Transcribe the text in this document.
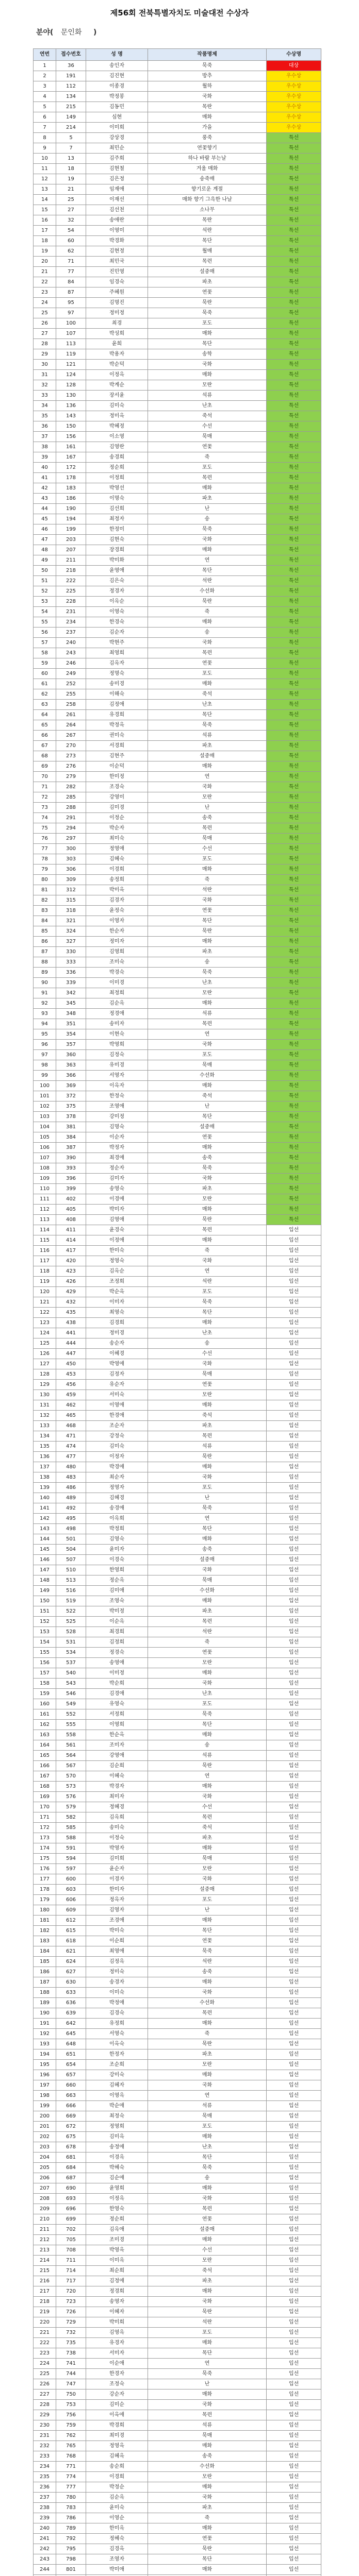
제56회 전북특별자치도 미술대전 수상자
분야( 문인화 )
연번	접수번호	성 명	작품명제	수상명
1	36	송인자	묵죽	대상
2	191	김진현	방추	우수상
3	112	이종경	월하	우수상
4	134	박정봉	국화	우수상
5	215	김동민	목란	우수상
6	149	심현	매화	우수상
7	214	이미희	가을	우수상
8	5	강상경	풍죽	특선
9	7	최민순	연꽃향기	특선
10	13	김주희	하나 바람 부는날	특선
11	18	김현철	겨울 매화	특선
12	19	김은정	송죽매	특선
13	21	임재애	향기로운 계절	특선
14	25	이재선	매화 향기 그윽한 나날	특선
15	27	김선천	소나무	특선
16	32	송애란	목란	특선
17	54	이영미	석란	특선
18	60	박경화	목단	특선
19	62	김현정	월매	특선
20	71	최민국	목련	특선
21	77	진민영	설중매	특선
22	84	임경숙	파초	특선
23	87	주혜원	연꽃	특선
24	95	김명진	묵란	특선
25	97	정미정	묵죽	특선
26	100	최경	포도	특선
27	107	박성희	매화	특선
28	113	윤희	목단	특선
29	119	박용자	송학	특선
30	121	박순덕	국화	특선
31	124	이정옥	매화	특선
32	128	박계순	모란	특선
33	130	장서윤	석류	특선
34	136	김미숙	난초	특선
35	143	정미옥	죽석	특선
36	150	박혜정	수선	특선
37	156	이소영	묵매	특선
38	161	김영란	연꽃	특선
39	167	송경희	죽	특선
40	172	정순희	포도	특선
41	178	이정희	목련	특선
42	183	박영선	매화	특선
43	186	이명숙	파초	특선
44	190	김선희	난	특선
45	194	최정자	송	특선
46	199	한정미	묵죽	특선
47	203	김현숙	국화	특선
48	207	장경희	매화	특선
49	211	박미화	연	특선
50	218	윤영애	목단	특선
51	222	김은숙	석란	특선
52	225	정경자	수선화	특선
53	228	이옥순	묵란	특선
54	231	이영숙	죽	특선
55	234	한경숙	매화	특선
56	237	김순자	송	특선
57	240	박현주	국화	특선
58	243	최영희	목련	특선
59	246	김옥자	연꽃	특선
60	249	정명숙	포도	특선
61	252	송미경	매화	특선
62	255	이해숙	죽석	특선
63	258	김정애	난초	특선
64	261	유경희	목단	특선
65	264	박정옥	묵죽	특선
66	267	권미숙	석류	특선
67	270	서경희	파초	특선
68	273	김현주	설중매	특선
69	276	이순덕	매화	특선
70	279	한미정	연	특선
71	282	조경숙	국화	특선
72	285	강영미	모란	특선
73	288	김미경	난	특선
74	291	이정순	송죽	특선
75	294	박순자	목련	특선
76	297	최미숙	묵매	특선
77	300	정영애	수선	특선
78	303	김혜숙	포도	특선
79	306	이경희	매화	특선
80	309	송정희	죽	특선
81	312	박미옥	석란	특선
82	315	김경자	국화	특선
83	318	윤정숙	연꽃	특선
84	321	이영자	목단	특선
85	324	한순자	묵란	특선
86	327	정미자	매화	특선
87	330	김영희	파초	특선
88	333	조미숙	송	특선
89	336	박경숙	묵죽	특선
90	339	이미경	난초	특선
91	342	최정희	모란	특선
92	345	김순옥	매화	특선
93	348	정경애	석류	특선
94	351	송미자	목련	특선
95	354	이현숙	연	특선
96	357	박영희	국화	특선
97	360	김정숙	포도	특선
98	363	유미경	묵매	특선
99	366	서영자	수선화	특선
100	369	이옥자	매화	특선
101	372	한정숙	죽석	특선
102	375	조영애	난	특선
103	378	강미정	목단	특선
104	381	김명숙	설중매	특선
105	384	이순자	연꽃	특선
106	387	박정자	매화	특선
107	390	최경애	송죽	특선
108	393	정순자	묵죽	특선
109	396	김미자	국화	특선
110	399	송영숙	파초	특선
111	402	이경애	모란	특선
112	405	박미자	매화	특선
113	408	김영애	묵란	특선
114	411	윤경숙	목련	입선
115	414	이정애	매화	입선
116	417	한미숙	죽	입선
117	420	정영숙	국화	입선
118	423	김옥순	연	입선
119	426	조정희	석란	입선
120	429	박순옥	포도	입선
121	432	이미자	묵죽	입선
122	435	최영숙	목단	입선
123	438	김경희	매화	입선
124	441	정미경	난초	입선
125	444	송순자	송	입선
126	447	이혜경	수선	입선
127	450	박영애	국화	입선
128	453	김정자	묵매	입선
129	456	유순자	연꽃	입선
130	459	서미숙	모란	입선
131	462	이영애	매화	입선
132	465	한경애	죽석	입선
133	468	조순자	파초	입선
134	471	강정숙	목련	입선
135	474	김미숙	석류	입선
136	477	이정자	묵란	입선
137	480	박경애	매화	입선
138	483	최순자	국화	입선
139	486	정영자	포도	입선
140	489	김혜경	난	입선
141	492	송경애	묵죽	입선
142	495	이옥희	연	입선
143	498	박정희	목단	입선
144	501	김영숙	매화	입선
145	504	윤미자	송죽	입선
146	507	이경숙	설중매	입선
147	510	한영희	국화	입선
148	513	정순옥	묵매	입선
149	516	김미애	수선화	입선
150	519	조영숙	매화	입선
151	522	박미정	파초	입선
152	525	이순옥	목련	입선
153	528	최경희	석란	입선
154	531	김정희	죽	입선
155	534	정경숙	연꽃	입선
156	537	송영애	모란	입선
157	540	이미정	매화	입선
158	543	박순희	국화	입선
159	546	김경애	난초	입선
160	549	유영숙	포도	입선
161	552	서정희	묵죽	입선
162	555	이영희	목단	입선
163	558	한순옥	매화	입선
164	561	조미자	송	입선
165	564	강영애	석류	입선
166	567	김순희	묵란	입선
167	570	이혜숙	연	입선
168	573	박경자	매화	입선
169	576	최미자	국화	입선
170	579	정혜경	수선	입선
171	582	김옥희	목련	입선
172	585	송미숙	죽석	입선
173	588	이정숙	파초	입선
174	591	박영자	매화	입선
175	594	김미희	묵매	입선
176	597	윤순자	모란	입선
177	600	이경자	국화	입선
178	603	한미자	설중매	입선
179	606	정옥자	포도	입선
180	609	김영자	난	입선
181	612	조경애	매화	입선
182	615	박미숙	목단	입선
183	618	이순희	연꽃	입선
184	621	최영애	묵죽	입선
185	624	김정옥	석란	입선
186	627	정미숙	송죽	입선
187	630	송경자	매화	입선
188	633	이미숙	국화	입선
189	636	박정애	수선화	입선
190	639	김경숙	목련	입선
191	642	유정희	매화	입선
192	645	서영숙	죽	입선
193	648	이옥숙	묵란	입선
194	651	한정자	파초	입선
195	654	조순희	모란	입선
196	657	강미숙	매화	입선
197	660	김혜자	국화	입선
198	663	이영옥	연	입선
199	666	박순애	석류	입선
200	669	최정숙	묵매	입선
201	672	정영희	포도	입선
202	675	김미옥	매화	입선
203	678	송정애	난초	입선
204	681	이경옥	목단	입선
205	684	박혜숙	묵죽	입선
206	687	김순애	송	입선
207	690	윤영희	매화	입선
208	693	이정옥	국화	입선
209	696	한영숙	목련	입선
210	699	정순희	연꽃	입선
211	702	김옥애	설중매	입선
212	705	조미경	매화	입선
213	708	박영옥	수선	입선
214	711	이미옥	모란	입선
215	714	최순희	죽석	입선
216	717	김정애	파초	입선
217	720	정경희	매화	입선
218	723	송영자	국화	입선
219	726	이혜자	묵란	입선
220	729	박미희	석란	입선
221	732	김영옥	포도	입선
222	735	유경자	매화	입선
223	738	서미자	목단	입선
224	741	이순애	연	입선
225	744	한경자	묵죽	입선
226	747	조정숙	난	입선
227	750	강순자	매화	입선
228	753	김미순	국화	입선
229	756	이옥애	목련	입선
230	759	박경희	석류	입선
231	762	최미경	묵매	입선
232	765	정영옥	매화	입선
233	768	김혜옥	송죽	입선
234	771	송순희	수선화	입선
235	774	이경희	모란	입선
236	777	박정순	매화	입선
237	780	김순옥	국화	입선
238	783	윤미숙	파초	입선
239	786	이영순	죽	입선
240	789	한미옥	매화	입선
241	792	정혜숙	연꽃	입선
242	795	김경옥	묵란	입선
243	798	조영자	목단	입선
244	801	박미애	매화	입선
